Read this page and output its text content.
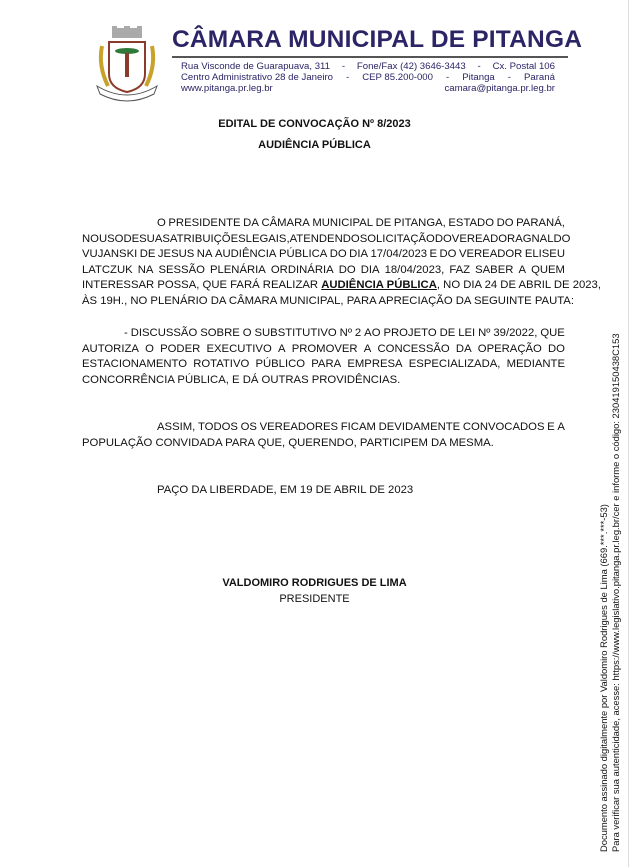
CÂMARA MUNICIPAL DE PITANGA
Rua Visconde de Guarapuava, 311 - Fone/Fax (42) 3646-3443 - Cx. Postal 106
Centro Administrativo 28 de Janeiro - CEP 85.200-000 - Pitanga - Paraná
www.pitanga.pr.leg.br	camara@pitanga.pr.leg.br
EDITAL DE CONVOCAÇÃO Nº 8/2023
AUDIÊNCIA PÚBLICA
O PRESIDENTE DA CÂMARA MUNICIPAL DE PITANGA, ESTADO DO PARANÁ,
NO USO DE SUAS ATRIBUIÇÕES LEGAIS, ATENDENDO SOLICITAÇÃO DO VEREADOR AGNALDO
VUJANSKI DE JESUS NA AUDIÊNCIA PÚBLICA DO DIA 17/04/2023 E DO VEREADOR ELISEU
LATCZUK NA SESSÃO PLENÁRIA ORDINÁRIA DO DIA 18/04/2023, FAZ SABER A QUEM
INTERESSAR POSSA, QUE FARÁ REALIZAR
AUDIÊNCIA PÚBLICA , NO DIA 24 DE ABRIL DE 2023,
ÀS 19H., NO PLENÁRIO DA CÂMARA MUNICIPAL, PARA APRECIAÇÃO DA SEGUINTE PAUTA:
- DISCUSSÃO SOBRE O SUBSTITUTIVO Nº 2 AO PROJETO DE LEI Nº 39/2022, QUE
AUTORIZA O PODER EXECUTIVO A PROMOVER A CONCESSÃO DA OPERAÇÃO DO
ESTACIONAMENTO ROTATIVO PÚBLICO PARA EMPRESA ESPECIALIZADA, MEDIANTE
CONCORRÊNCIA PÚBLICA, E DÁ OUTRAS PROVIDÊNCIAS.
ASSIM, TODOS OS VEREADORES FICAM DEVIDAMENTE CONVOCADOS E A
POPULAÇÃO CONVIDADA PARA QUE, QUERENDO, PARTICIPEM DA MESMA.
PAÇO DA LIBERDADE, EM 19 DE ABRIL DE 2023
VALDOMIRO RODRIGUES DE LIMA
PRESIDENTE	Documento assinado digitalmente por Valdomiro Rodrigues de Lima (669.***.***-53) Para verificar sua autenticidade, acesse: https://www.legislativo.pitanga.pr.leg.br/cer e informe o código: 230419150438C153
